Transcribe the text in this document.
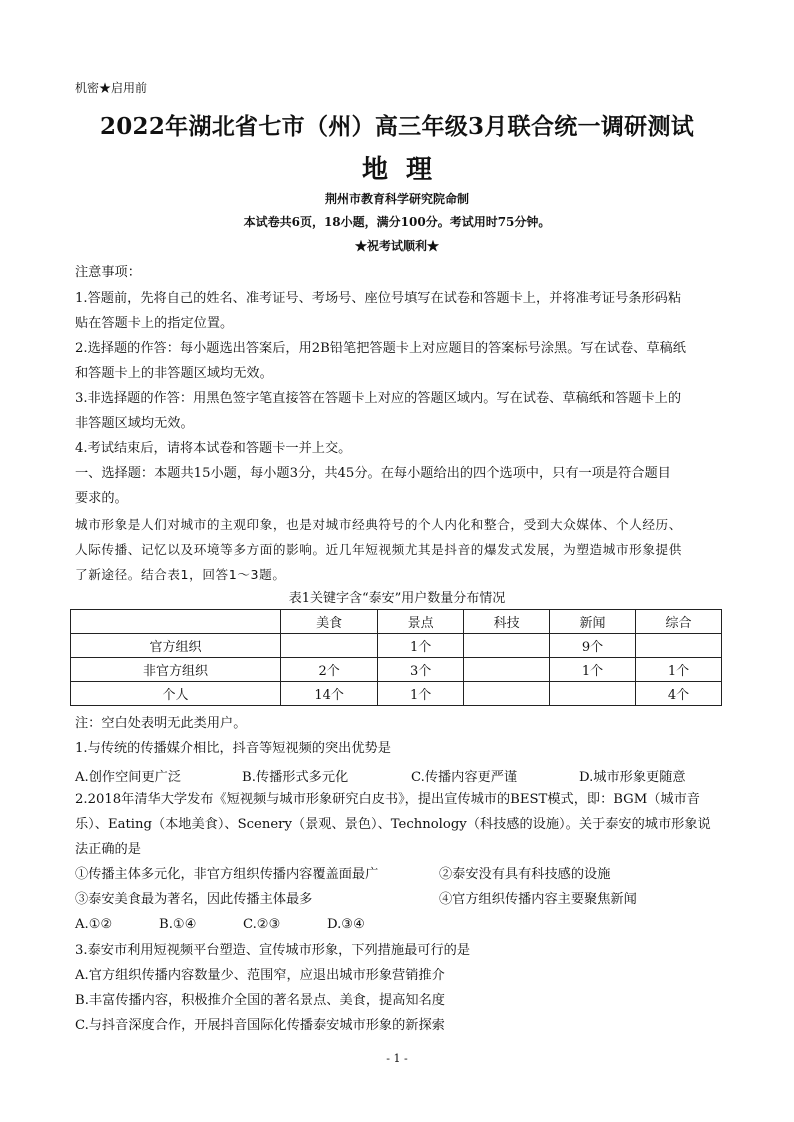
机密★启用前
2022年湖北省七市（州）高三年级3月联合统一调研测试
地理
荆州市教育科学研究院命制
本试卷共6页，18小题，满分100分。考试用时75分钟。
★祝考试顺利★
注意事项：
1.答题前，先将自己的姓名、准考证号、考场号、座位号填写在试卷和答题卡上，并将准考证号条形码粘
贴在答题卡上的指定位置。
2.选择题的作答：每小题选出答案后，用2B铅笔把答题卡上对应题目的答案标号涂黑。写在试卷、草稿纸
和答题卡上的非答题区域均无效。
3.非选择题的作答：用黑色签字笔直接答在答题卡上对应的答题区域内。写在试卷、草稿纸和答题卡上的
非答题区域均无效。
4.考试结束后，请将本试卷和答题卡一并上交。
一、选择题：本题共15小题，每小题3分，共45分。在每小题给出的四个选项中，只有一项是符合题目
要求的。
城市形象是人们对城市的主观印象，也是对城市经典符号的个人内化和整合，受到大众媒体、个人经历、
人际传播、记忆以及环境等多方面的影响。近几年短视频尤其是抖音的爆发式发展，为塑造城市形象提供
了新途径。结合表1，回答1～3题。
表1关键字含“泰安”用户数量分布情况
	美食	景点	科技	新闻	综合
官方组织		1个		9个	
非官方组织	2个	3个		1个	1个
个人	14个	1个			4个
注：空白处表明无此类用户。
1.与传统的传播媒介相比，抖音等短视频的突出优势是
A.创作空间更广泛	B.传播形式多元化	C.传播内容更严谨	D.城市形象更随意
2.2018年清华大学发布《短视频与城市形象研究白皮书》，提出宣传城市的BEST模式，即：BGM（城市音
乐）、Eating（本地美食）、Scenery（景观、景色）、Technology（科技感的设施）。关于泰安的城市形象说
法正确的是
①传播主体多元化，非官方组织传播内容覆盖面最广	②泰安没有具有科技感的设施
③泰安美食最为著名，因此传播主体最多	④官方组织传播内容主要聚焦新闻
A.①②	B.①④	C.②③	D.③④
3.泰安市利用短视频平台塑造、宣传城市形象，下列措施最可行的是
A.官方组织传播内容数量少、范围窄，应退出城市形象营销推介
B.丰富传播内容，积极推介全国的著名景点、美食，提高知名度
C.与抖音深度合作，开展抖音国际化传播泰安城市形象的新探索
- 1 -
